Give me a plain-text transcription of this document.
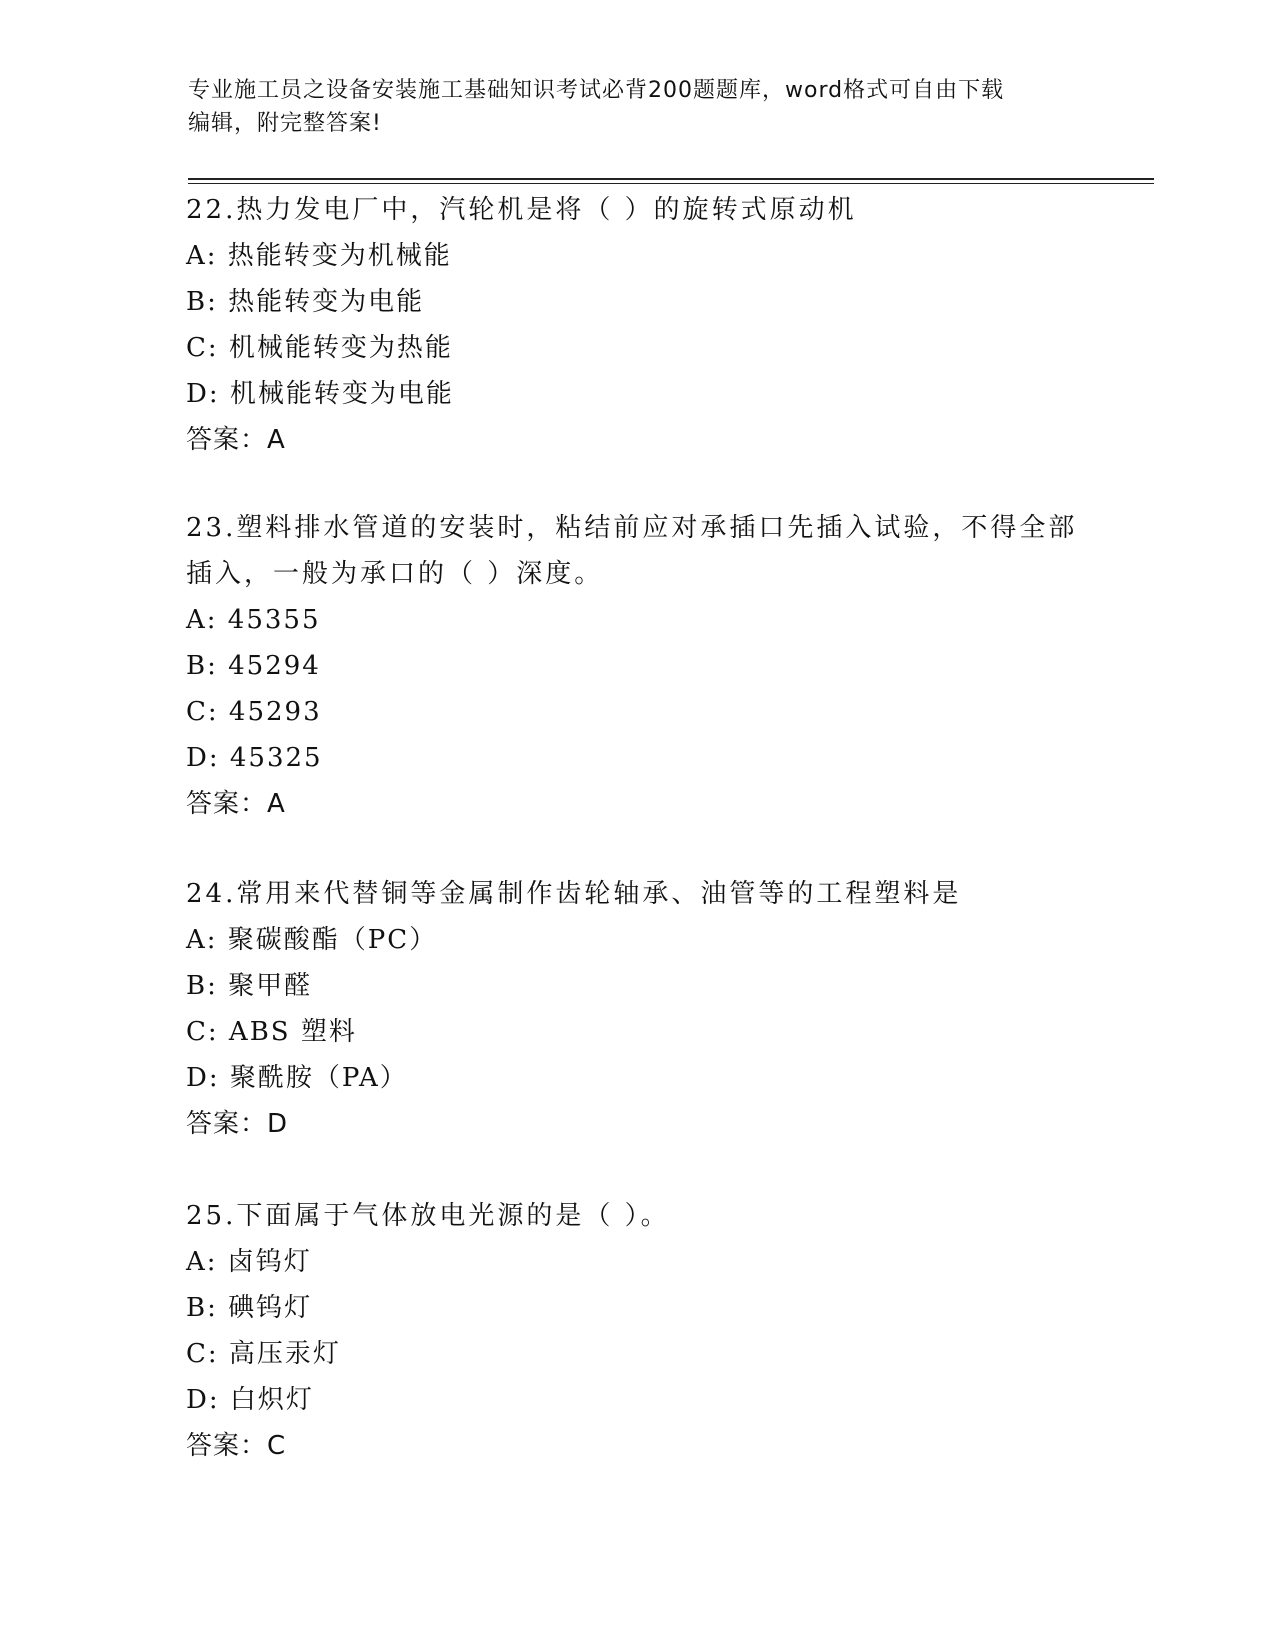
专业施工员之设备安装施工基础知识考试必背200题题库，word格式可自由下载
编辑，附完整答案!
22.热力发电厂中，汽轮机是将（ ）的旋转式原动机
A: 热能转变为机械能
B: 热能转变为电能
C: 机械能转变为热能
D: 机械能转变为电能
答案：A
23.塑料排水管道的安装时，粘结前应对承插口先插入试验，不得全部
插入，一般为承口的（ ）深度。
A: 45355
B: 45294
C: 45293
D: 45325
答案：A
24.常用来代替铜等金属制作齿轮轴承、油管等的工程塑料是
A: 聚碳酸酯（PC）
B: 聚甲醛
C: ABS 塑料
D: 聚酰胺（PA）
答案：D
25.下面属于气体放电光源的是（ ）。
A: 卤钨灯
B: 碘钨灯
C: 高压汞灯
D: 白炽灯
答案：C
